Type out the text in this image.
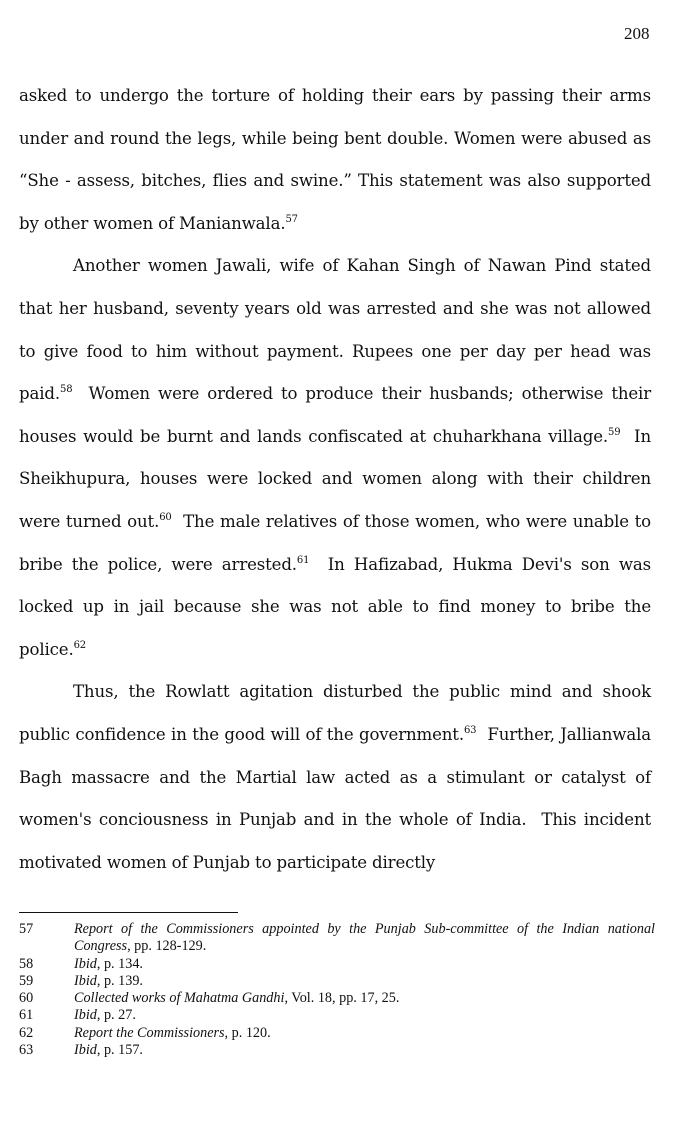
208

asked to undergo the torture of holding their ears by passing their arms under and round the legs, while being bent double. Women were abused as “She - assess, bitches, flies and swine.” This statement was also supported by other women of Manianwala.$^{57}$

Another women Jawali, wife of Kahan Singh of Nawan Pind stated that her husband, seventy years old was arrested and she was not allowed to give food to him without payment. Rupees one per day per head was paid.$^{58}$  Women were ordered to produce their husbands; otherwise their houses would be burnt and lands confiscated at chuharkhana village.$^{59}$  In Sheikhupura, houses were locked and women along with their children were turned out.$^{60}$  The male relatives of those women, who were unable to bribe the police, were arrested.$^{61}$  In Hafizabad, Hukma Devi's son was locked up in jail because she was not able to find money to bribe the police.$^{62}$

Thus, the Rowlatt agitation disturbed the public mind and shook public confidence in the good will of the government.$^{63}$  Further, Jallianwala Bagh massacre and the Martial law acted as a stimulant or catalyst of women's conciousness in Punjab and in the whole of India.  This incident motivated women of Punjab to participate directly

57	Report of the Commissioners appointed by the Punjab Sub-committee of the Indian national Congress, pp. 128-129.
58	Ibid, p. 134.
59	Ibid, p. 139.
60	Collected works of Mahatma Gandhi, Vol. 18, pp. 17, 25.
61	Ibid, p. 27.
62	Report the Commissioners, p. 120.
63	Ibid, p. 157.
